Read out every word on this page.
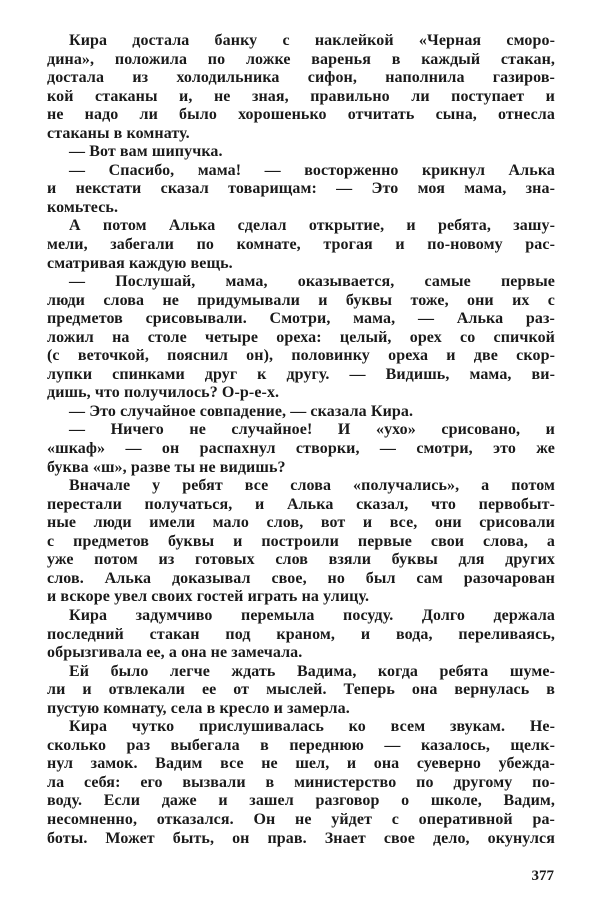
Кира достала банку с наклейкой «Черная сморо-
дина», положила по ложке варенья в каждый стакан,
достала из холодильника сифон, наполнила газиров-
кой стаканы и, не зная, правильно ли поступает и
не надо ли было хорошенько отчитать сына, отнесла
стаканы в комнату.
— Вот вам шипучка.
— Спасибо, мама! — восторженно крикнул Алька
и некстати сказал товарищам: — Это моя мама, зна-
комьтесь.
А потом Алька сделал открытие, и ребята, зашу-
мели, забегали по комнате, трогая и по-новому рас-
сматривая каждую вещь.
— Послушай, мама, оказывается, самые первые
люди слова не придумывали и буквы тоже, они их с
предметов срисовывали. Смотри, мама, — Алька раз-
ложил на столе четыре ореха: целый, орех со спичкой
(с веточкой, пояснил он), половинку ореха и две скор-
лупки спинками друг к другу. — Видишь, мама, ви-
дишь, что получилось? О-р-е-х.
— Это случайное совпадение, — сказала Кира.
— Ничего не случайное! И «ухо» срисовано, и
«шкаф» — он распахнул створки, — смотри, это же
буква «ш», разве ты не видишь?
Вначале у ребят все слова «получались», а потом
перестали получаться, и Алька сказал, что первобыт-
ные люди имели мало слов, вот и все, они срисовали
с предметов буквы и построили первые свои слова, а
уже потом из готовых слов взяли буквы для других
слов. Алька доказывал свое, но был сам разочарован
и вскоре увел своих гостей играть на улицу.
Кира задумчиво перемыла посуду. Долго держала
последний стакан под краном, и вода, переливаясь,
обрызгивала ее, а она не замечала.
Ей было легче ждать Вадима, когда ребята шуме-
ли и отвлекали ее от мыслей. Теперь она вернулась в
пустую комнату, села в кресло и замерла.
Кира чутко прислушивалась ко всем звукам. Не-
сколько раз выбегала в переднюю — казалось, щелк-
нул замок. Вадим все не шел, и она суеверно убежда-
ла себя: его вызвали в министерство по другому по-
воду. Если даже и зашел разговор о школе, Вадим,
несомненно, отказался. Он не уйдет с оперативной ра-
боты. Может быть, он прав. Знает свое дело, окунулся
377
